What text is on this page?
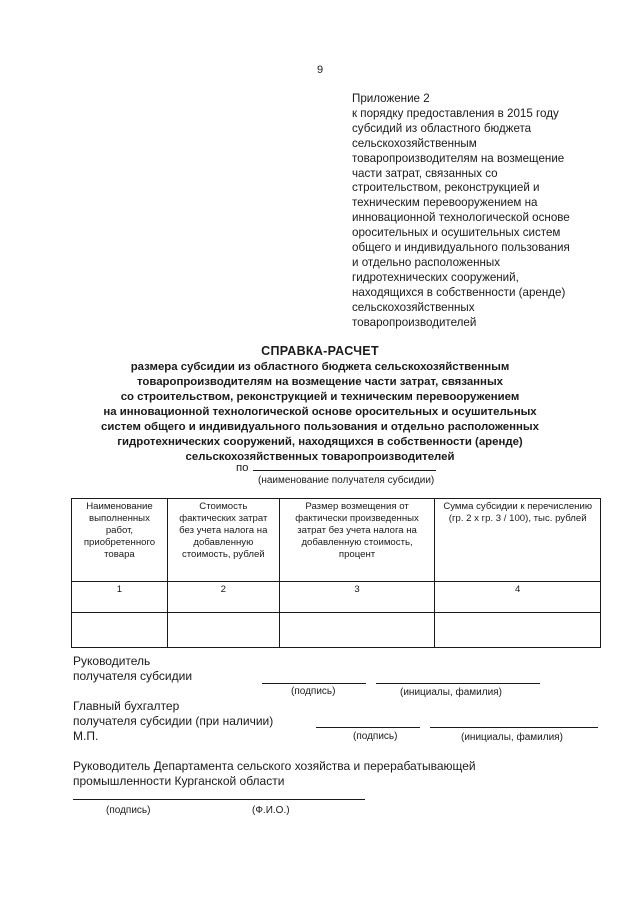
9
Приложение 2
к порядку предоставления в 2015 году
субсидий из областного бюджета
сельскохозяйственным
товаропроизводителям на возмещение
части затрат, связанных со
строительством, реконструкцией и
техническим перевооружением на
инновационной технологической основе
оросительных и осушительных систем
общего и индивидуального пользования
и отдельно расположенных
гидротехнических сооружений,
находящихся в собственности (аренде)
сельскохозяйственных
товаропроизводителей
СПРАВКА-РАСЧЕТ
размера субсидии из областного бюджета сельскохозяйственным
товаропроизводителям на возмещение части затрат, связанных
со строительством, реконструкцией и техническим перевооружением
на инновационной технологической основе оросительных и осушительных
систем общего и индивидуального пользования и отдельно расположенных
гидротехнических сооружений, находящихся в собственности (аренде)
сельскохозяйственных товаропроизводителей
по
(наименование получателя субсидии)
Наименование выполненных работ, приобретенного товара	Стоимость фактических затрат без учета налога на добавленную стоимость, рублей	Размер возмещения от фактически произведенных затрат без учета налога на добавленную стоимость, процент	Сумма субсидии к перечислению (гр. 2 х гр. 3 / 100), тыс. рублей
1	2	3	4

Руководитель
получателя субсидии
(подпись)	(инициалы, фамилия)
Главный бухгалтер
получателя субсидии (при наличии)
М.П.	(подпись)	(инициалы, фамилия)
Руководитель Департамента сельского хозяйства и перерабатывающей
промышленности Курганской области
(подпись)	(Ф.И.О.)
